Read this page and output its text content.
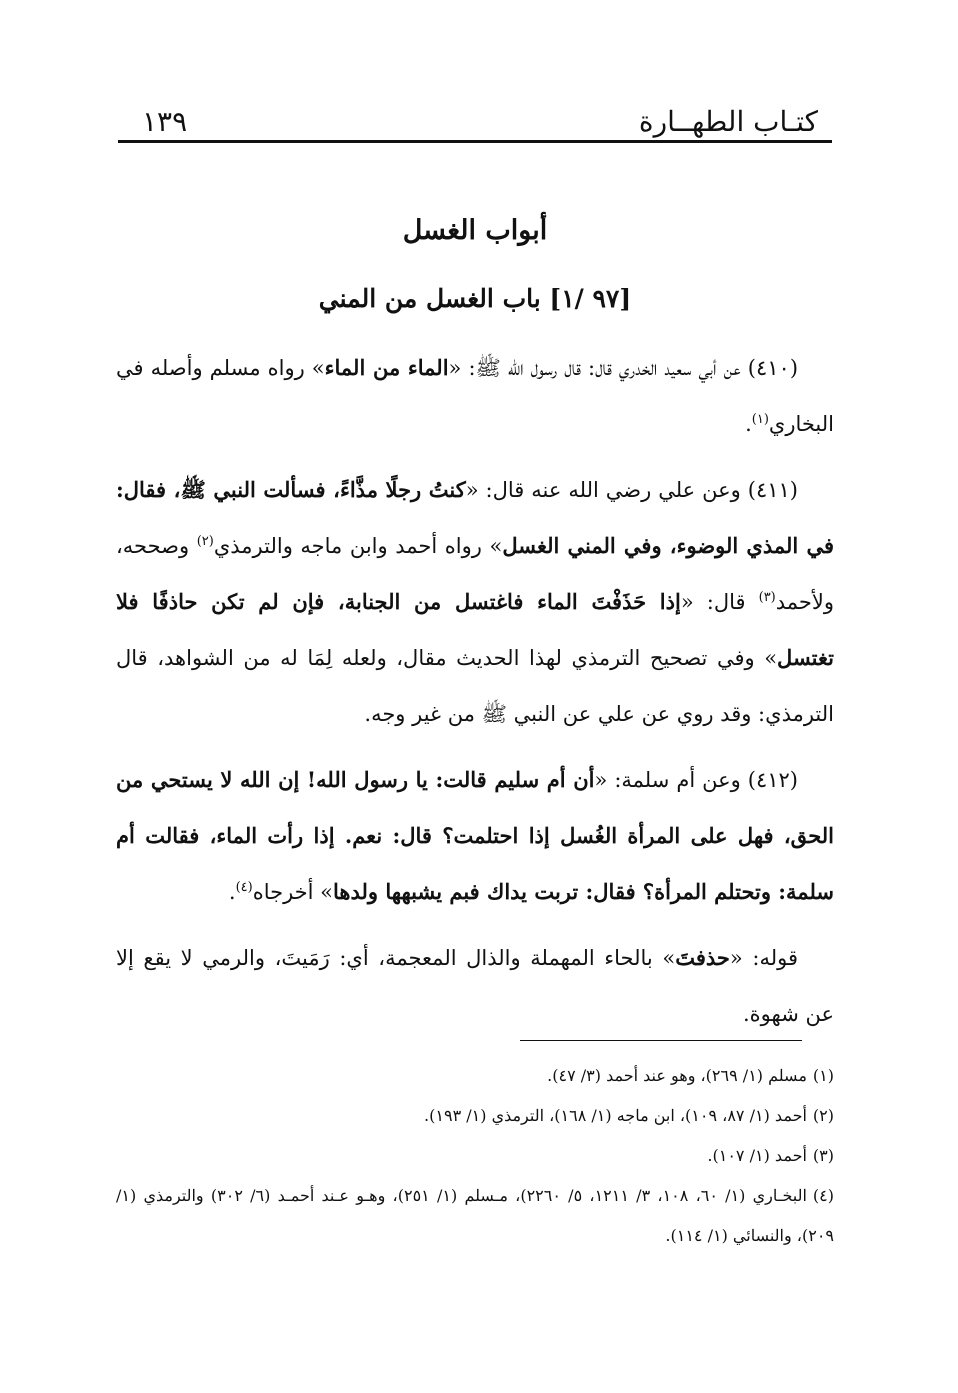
كتـاب الطهــارة
١٣٩
أبواب الغسل
[٩٧ /١] باب الغسل من المني

(٤١٠) عن أبي سعيد الخدري قال: قال رسول الله ﷺ: «الماء من الماء» رواه مسلم وأصله في البخاري$^{(١)}$.

(٤١١) وعن علي رضي الله عنه قال: «كنتُ رجلًا مذَّاءً، فسألت النبي ﷺ، فقال: في المذي الوضوء، وفي المني الغسل» رواه أحمد وابن ماجه والترمذي$^{(٢)}$ وصححه، ولأحمد$^{(٣)}$ قال: «إذا حَذَفْتَ الماء فاغتسل من الجنابة، فإن لم تكن حاذفًا فلا تغتسل» وفي تصحيح الترمذي لهذا الحديث مقال، ولعله لِمَا له من الشواهد، قال الترمذي: وقد روي عن علي عن النبي ﷺ من غير وجه.

(٤١٢) وعن أم سلمة: «أن أم سليم قالت: يا رسول الله! إن الله لا يستحي من الحق، فهل على المرأة الغُسل إذا احتلمت؟ قال: نعم. إذا رأت الماء، فقالت أم سلمة: وتحتلم المرأة؟ فقال: تربت يداك فبم يشبهها ولدها» أخرجاه$^{(٤)}$.

قوله: «حذفتَ» بالحاء المهملة والذال المعجمة، أي: رَمَيتَ، والرمي لا يقع إلا عن شهوة.

(١)مسلم (١/ ٢٦٩)، وهو عند أحمد (٣/ ٤٧).

(٢)أحمد (١/ ٨٧، ١٠٩)، ابن ماجه (١/ ١٦٨)، الترمذي (١/ ١٩٣).

(٣)أحمد (١/ ١٠٧).

(٤)البخـاري (١/ ٦٠، ١٠٨، ٣/ ١٢١١، ٥/ ٢٢٦٠)، مـسلم (١/ ٢٥١)، وهـو عـند أحمـد (٦/ ٣٠٢) والترمذي (١/ ٢٠٩)، والنسائي (١/ ١١٤).
